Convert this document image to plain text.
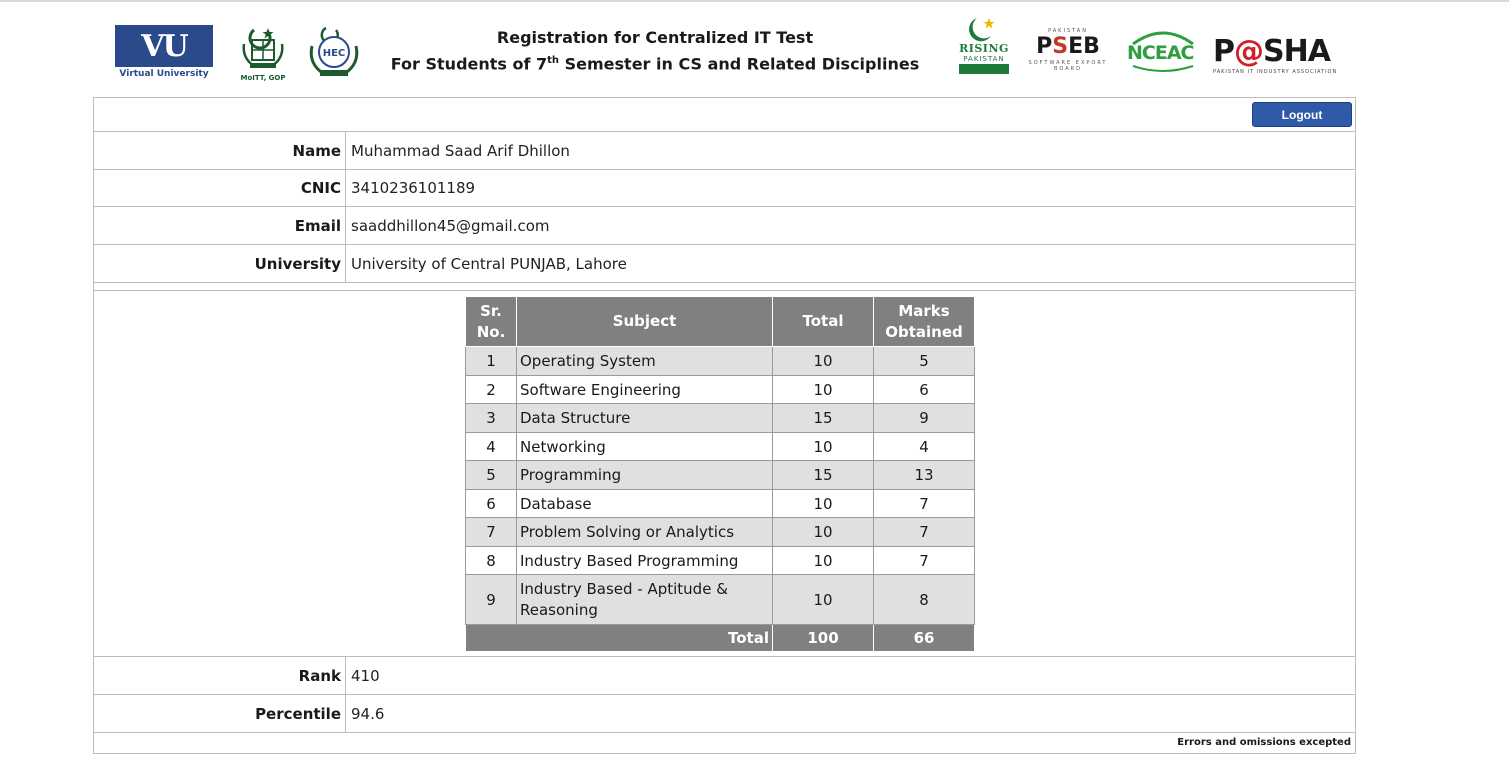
VU
Virtual University	MoITT, GOP
HEC
Registration for Centralized IT Test
For Students of 7th Semester in CS and Related Disciplines
RISING
PAKISTAN
PAKISTAN
PSEB
SOFTWARE EXPORT BOARD
NCEAC P@SHA
PAKISTAN IT INDUSTRY ASSOCIATION
Logout
Name Muhammad Saad Arif Dhillon
CNIC 3410236101189
Email saaddhillon45@gmail.com
University University of Central PUNJAB, Lahore
Sr. No.	Subject	Total	Marks Obtained
1	Operating System	10	5
2	Software Engineering	10	6
3	Data Structure	15	9
4	Networking	10	4
5	Programming	15	13
6	Database	10	7
7	Problem Solving or Analytics	10	7
8	Industry Based Programming	10	7
9	Industry Based - Aptitude & Reasoning	10	8
Total		100	66
Rank 410
Percentile 94.6
Errors and omissions excepted
